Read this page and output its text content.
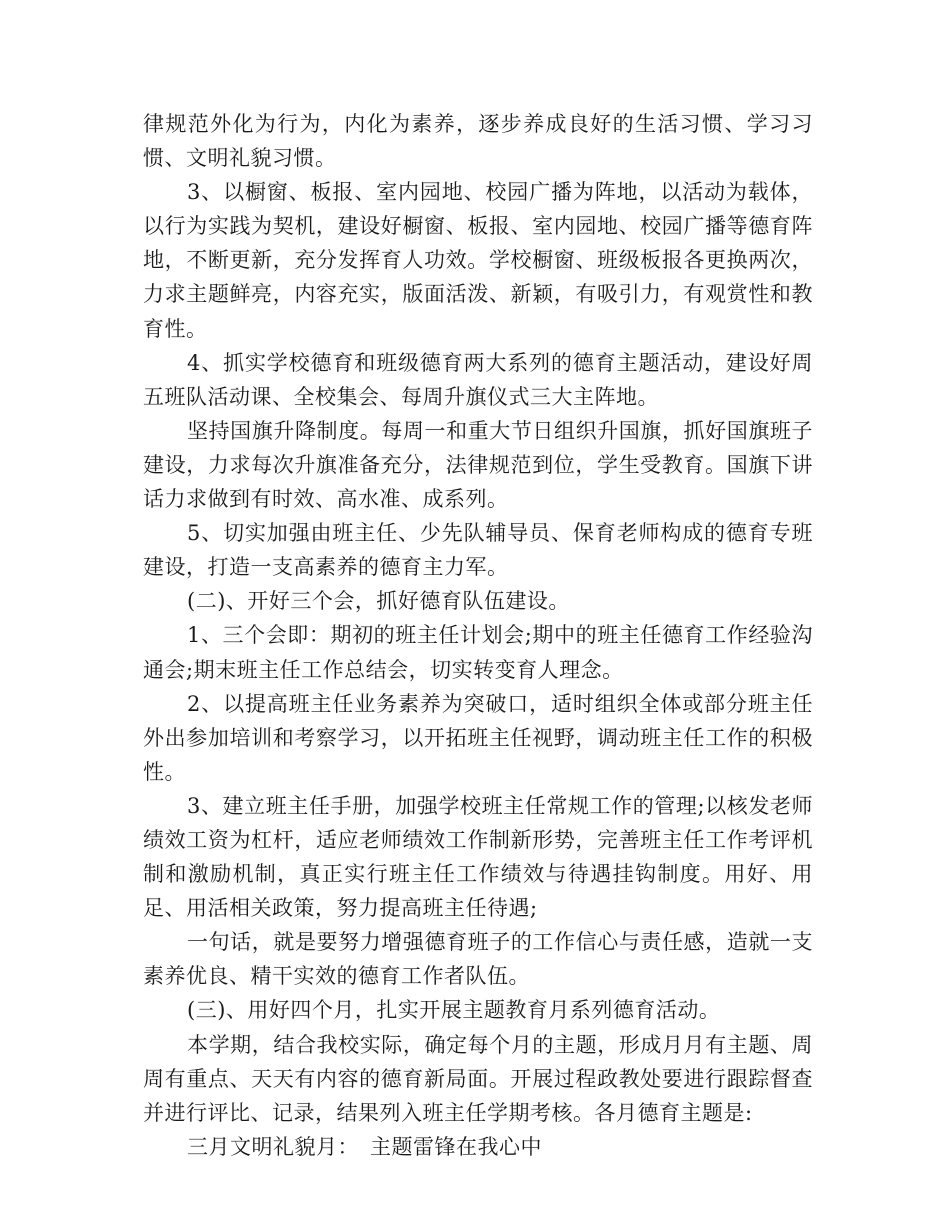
律规范外化为行为，内化为素养，逐步养成良好的生活习惯、学习习惯、文明礼貌习惯。

3、以橱窗、板报、室内园地、校园广播为阵地，以活动为载体，以行为实践为契机，建设好橱窗、板报、室内园地、校园广播等德育阵地，不断更新，充分发挥育人功效。学校橱窗、班级板报各更换两次，力求主题鲜亮，内容充实，版面活泼、新颖，有吸引力，有观赏性和教育性。

4、抓实学校德育和班级德育两大系列的德育主题活动，建设好周五班队活动课、全校集会、每周升旗仪式三大主阵地。

坚持国旗升降制度。每周一和重大节日组织升国旗，抓好国旗班子建设，力求每次升旗准备充分，法律规范到位，学生受教育。国旗下讲话力求做到有时效、高水准、成系列。

5、切实加强由班主任、少先队辅导员、保育老师构成的德育专班建设，打造一支高素养的德育主力军。

(二)、开好三个会，抓好德育队伍建设。

1、三个会即：期初的班主任计划会;期中的班主任德育工作经验沟通会;期末班主任工作总结会，切实转变育人理念。

2、以提高班主任业务素养为突破口，适时组织全体或部分班主任外出参加培训和考察学习，以开拓班主任视野，调动班主任工作的积极性。

3、建立班主任手册，加强学校班主任常规工作的管理;以核发老师绩效工资为杠杆，适应老师绩效工作制新形势，完善班主任工作考评机制和激励机制，真正实行班主任工作绩效与待遇挂钩制度。用好、用足、用活相关政策，努力提高班主任待遇;

一句话，就是要努力增强德育班子的工作信心与责任感，造就一支素养优良、精干实效的德育工作者队伍。

(三)、用好四个月，扎实开展主题教育月系列德育活动。

本学期，结合我校实际，确定每个月的主题，形成月月有主题、周周有重点、天天有内容的德育新局面。开展过程政教处要进行跟踪督查并进行评比、记录，结果列入班主任学期考核。各月德育主题是:

三月文明礼貌月：　主题雷锋在我心中
